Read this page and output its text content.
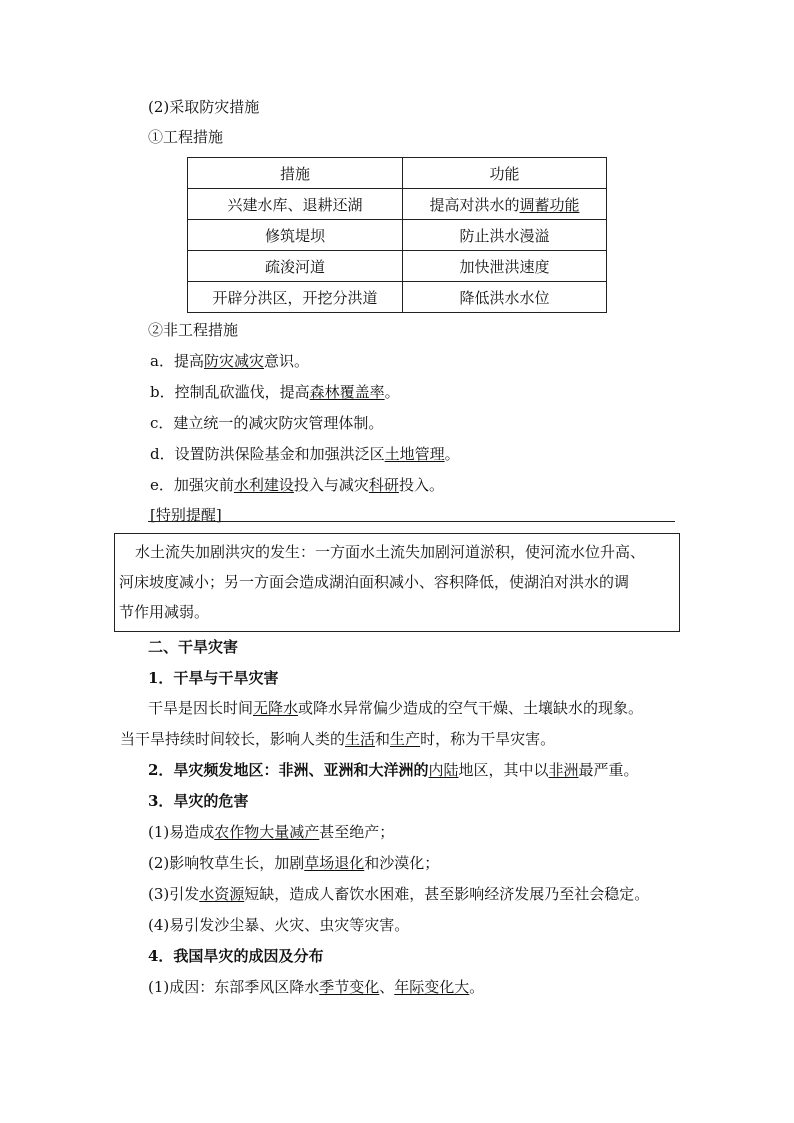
(2)采取防灾措施
①工程措施
措施	功能
兴建水库、退耕还湖	提高对洪水的调蓄功能
修筑堤坝	防止洪水漫溢
疏浚河道	加快泄洪速度
开辟分洪区，开挖分洪道	降低洪水水位
②非工程措施
a．提高防灾减灾意识。
b．控制乱砍滥伐，提高森林覆盖率。
c．建立统一的减灾防灾管理体制。
d．设置防洪保险基金和加强洪泛区土地管理。
e．加强灾前水利建设投入与减灾科研投入。
[特别提醒]
水土流失加剧洪灾的发生：一方面水土流失加剧河道淤积，使河流水位升高、
河床坡度减小；另一方面会造成湖泊面积减小、容积降低，使湖泊对洪水的调
节作用减弱。
二、干旱灾害
1．干旱与干旱灾害
干旱是因长时间无降水或降水异常偏少造成的空气干燥、土壤缺水的现象。
当干旱持续时间较长，影响人类的生活和生产时，称为干旱灾害。
2．旱灾频发地区：非洲、亚洲和大洋洲的内陆地区，其中以非洲最严重。
3．旱灾的危害
(1)易造成农作物大量减产甚至绝产；
(2)影响牧草生长，加剧草场退化和沙漠化；
(3)引发水资源短缺，造成人畜饮水困难，甚至影响经济发展乃至社会稳定。
(4)易引发沙尘暴、火灾、虫灾等灾害。
4．我国旱灾的成因及分布
(1)成因：东部季风区降水季节变化、年际变化大。
